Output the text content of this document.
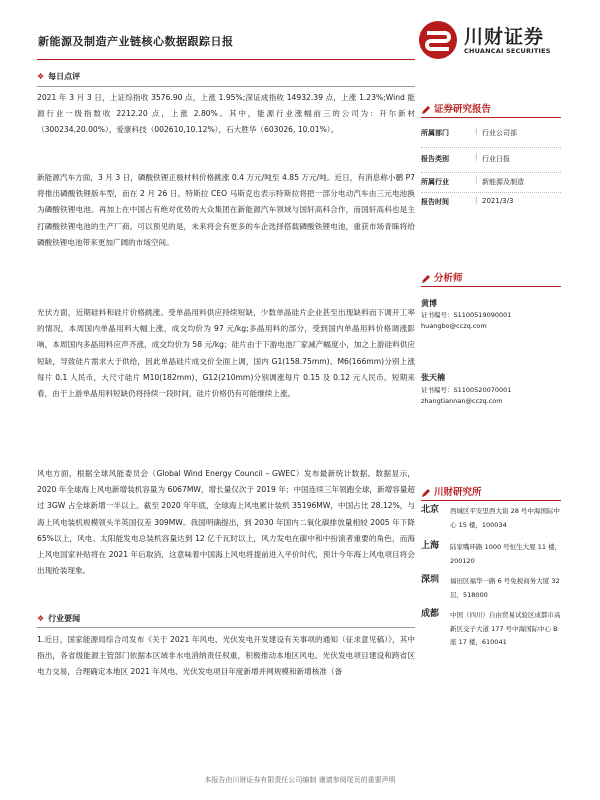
新能源及制造产业链核心数据跟踪日报	川财证券
CHUANCAI SECURITIES
❖ 每日点评

2021 年 3 月 3 日，上证综指收 3576.90 点，上涨 1.95%;深证成指收 14932.39 点，上涨 1.23%;Wind 能源行业一级指数收 2212.20 点，上涨 2.80%。其中，能源行业涨幅前三的公司为：开尔新材（300234,20.00%），爱康科技（002610,10.12%），石大胜华（603026, 10.01%）。

新能源汽车方面，3 月 3 日，磷酸铁锂正极材料价格跳涨 0.4 万元/吨至 4.85 万元/吨。近日，有消息称小鹏 P7 将推出磷酸铁锂版车型，而在 2 月 26 日，特斯拉 CEO 马斯克也表示特斯拉将把一部分电动汽车由三元电池换为磷酸铁锂电池。再加上在中国占有绝对优势的大众集团在新能源汽车领域与国轩高科合作，而国轩高科也是主打磷酸铁锂电池的生产厂商。可以预见的是，未来将会有更多的车企选择搭载磷酸铁锂电池，重获市场青睐将给磷酸铁锂电池带来更加广阔的市场空间。

光伏方面，近期硅料和硅片价格跳涨。受单晶用料供应持续短缺，少数单晶硅片企业甚至出现缺料而下调开工率的情况，本周国内单晶用料大幅上涨，成交均价为 97 元/kg;多晶用料的部分，受到国内单晶用料价格调涨影响，本周国内多晶用料应声齐涨，成交均价为 58 元/kg；硅片由于下游电池厂家减产幅度小，加之上游硅料供应短缺，导致硅片需求大于供给，因此单晶硅片成交价全面上调，国内 G1(158.75mm)、M6(166mm)分别上涨每片 0.1 人民币，大尺寸硅片 M10(182mm)、G12(210mm)分别调涨每片 0.15 及 0.12 元人民币。短期来看，由于上游单晶用料短缺仍将持续一段时间，硅片价格仍有可能继续上涨。

风电方面，根据全球风能委员会（Global Wind Energy Council – GWEC）发布最新统计数据。数据显示，2020 年全球海上风电新增装机容量为 6067MW，增长量仅次于 2019 年；中国连续三年领跑全球，新增容量超过 3GW 占全球新增一半以上。截至 2020 年年底，全球海上风电累计装机 35196MW，中国占比 28.12%，与海上风电装机规模领头羊英国仅差 309MW。我国明确提出，到 2030 年国内二氧化碳排放量相较 2005 年下降 65%以上，风电、太阳能发电总装机容量达到 12 亿千瓦时以上，风力发电在碳中和中扮演者重要的角色，而海上风电国家补贴将在 2021 年后取消，这意味着中国海上风电将提前进入平价时代，预计今年海上风电项目将会出现抢装现象。

❖ 行业要闻

1.近日，国家能源局综合司发布《关于 2021 年风电、光伏发电开发建设有关事项的通知（征求意见稿）》，其中指出，各省级能源主管部门依据本区域非水电消纳责任权重，积极推动本地区风电、光伏发电项目建设和跨省区电力交易，合理确定本地区 2021 年风电、光伏发电项目年度新增并网规模和新增核准（备

证券研究报告
所属部门	| 行业公司部
报告类别	| 行业日报
所属行业	| 新能源及制造
报告时间	| 2021/3/3
分析师
黄博
证书编号：S1100519090001
huangbo@cczq.com
张天楠
证书编号：S1100520070001
zhangtiannan@cczq.com
川财研究所
北京 西城区平安里西大街 28 号中海国际中心 15 楼，100034
上海 陆家嘴环路 1000 号恒生大厦 11 楼，200120
深圳 福田区福华一路 6 号免税商务大厦 32 层，518000
成都 中国（四川）自由贸易试验区成都市高新区交子大道 177 号中海国际中心 B 座 17 楼，610041
本报告由川财证券有限责任公司编制 谨请参阅尾页的重要声明
